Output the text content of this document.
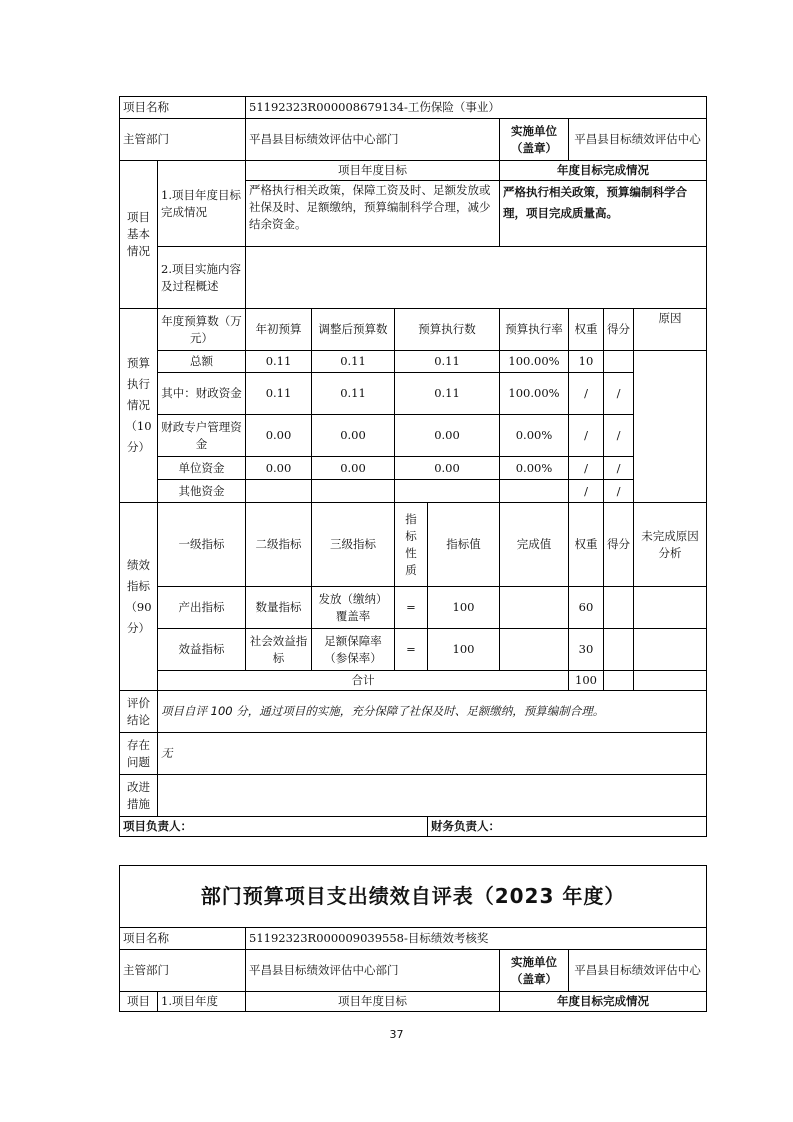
项目名称		51192323R000008679134-工伤保险（事业）							
主管部门		平昌县目标绩效评估中心部门				实施单位（盖章）	平昌县目标绩效评估中心		
项目基本情况	1.项目年度目标完成情况	项目年度目标				年度目标完成情况			
		严格执行相关政策，保障工资及时、足额发放或社保及时、足额缴纳，预算编制科学合理，减少结余资金。				严格执行相关政策，预算编制科学合理，项目完成质量高。			
	2.项目实施内容及过程概述								
预算执行情况（10分）	年度预算数（万元）	年初预算	调整后预算数	预算执行数		预算执行率	权重	得分	原因
	总额	0.11	0.11	0.11		100.00%	10		
	其中：财政资金	0.11	0.11	0.11		100.00%	/	/	
	财政专户管理资金	0.00	0.00	0.00		0.00%	/	/	
	单位资金	0.00	0.00	0.00		0.00%	/	/	
	其他资金						/	/	
绩效指标（90分）	一级指标	二级指标	三级指标	指标性质	指标值	完成值	权重	得分	未完成原因分析
	产出指标	数量指标	发放（缴纳）覆盖率	=	100		60		
	效益指标	社会效益指标	足额保障率（参保率）	=	100		30		
	合计						100		
评价结论	项目自评 100 分，通过项目的实施，充分保障了社保及时、足额缴纳，预算编制合理。								
存在问题	无								
改进措施									
项目负责人：					财务负责人：				
部门预算项目支出绩效自评表（2023 年度）				
项目名称		51192323R000009039558-目标绩效考核奖		
主管部门		平昌县目标绩效评估中心部门	实施单位（盖章）	平昌县目标绩效评估中心
项目	1.项目年度	项目年度目标	年度目标完成情况	
37
